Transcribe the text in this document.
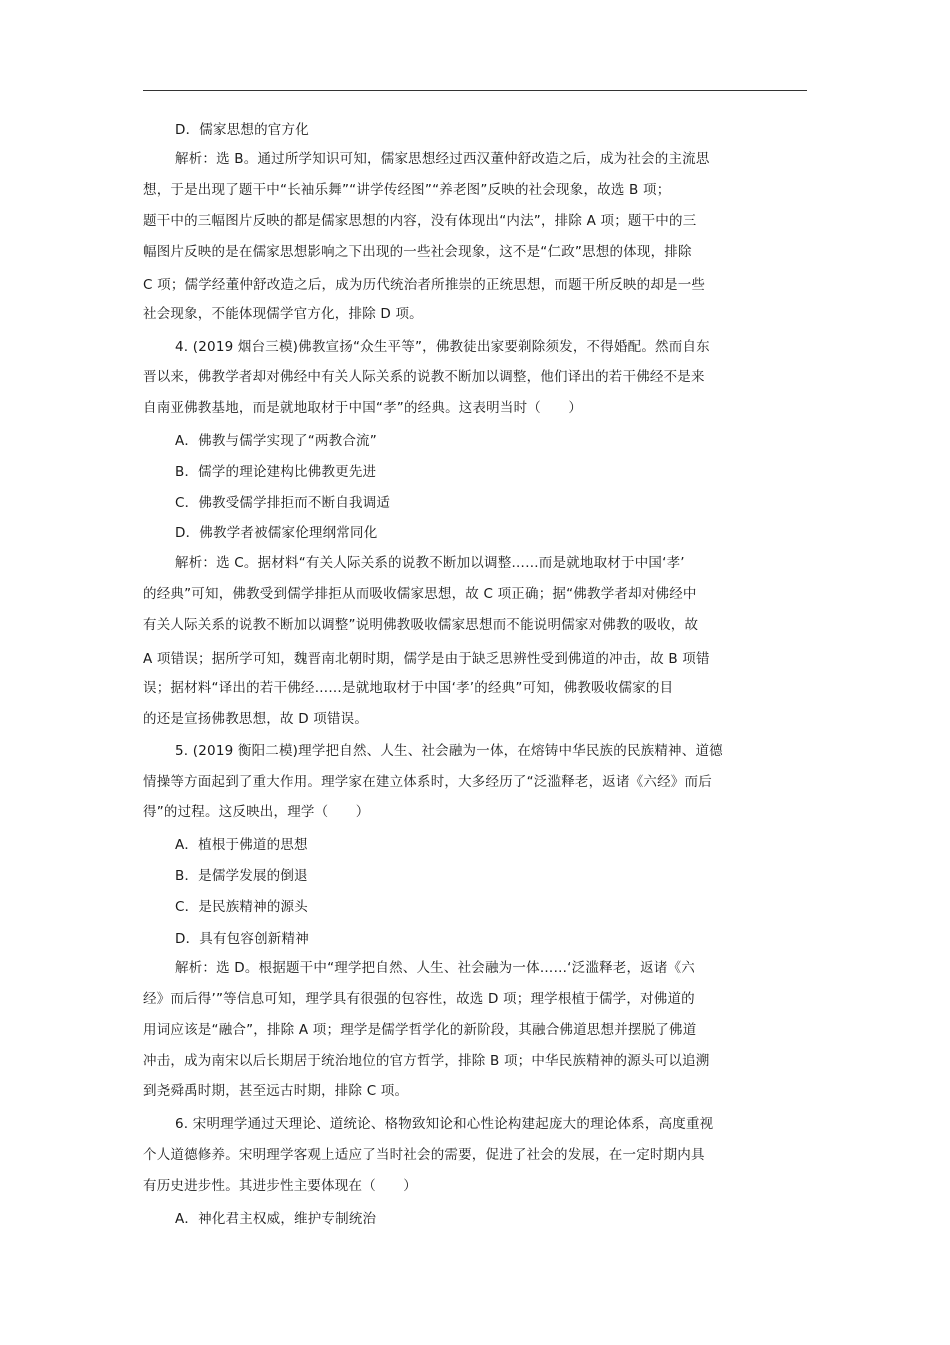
D．儒家思想的官方化
解析：选 B。通过所学知识可知，儒家思想经过西汉董仲舒改造之后，成为社会的主流思
想，于是出现了题干中“长袖乐舞”“讲学传经图”“养老图”反映的社会现象，故选 B 项；
题干中的三幅图片反映的都是儒家思想的内容，没有体现出“内法”，排除 A 项；题干中的三
幅图片反映的是在儒家思想影响之下出现的一些社会现象，这不是“仁政”思想的体现，排除
C 项；儒学经董仲舒改造之后，成为历代统治者所推崇的正统思想，而题干所反映的却是一些
社会现象，不能体现儒学官方化，排除 D 项。
4. (2019 烟台三模)佛教宣扬“众生平等”，佛教徒出家要剃除须发，不得婚配。然而自东
晋以来，佛教学者却对佛经中有关人际关系的说教不断加以调整，他们译出的若干佛经不是来
自南亚佛教基地，而是就地取材于中国“孝”的经典。这表明当时（　　）
A．佛教与儒学实现了“两教合流”
B．儒学的理论建构比佛教更先进
C．佛教受儒学排拒而不断自我调适
D．佛教学者被儒家伦理纲常同化
解析：选 C。据材料“有关人际关系的说教不断加以调整……而是就地取材于中国‘孝’
的经典”可知，佛教受到儒学排拒从而吸收儒家思想，故 C 项正确；据“佛教学者却对佛经中
有关人际关系的说教不断加以调整”说明佛教吸收儒家思想而不能说明儒家对佛教的吸收，故
A 项错误；据所学可知，魏晋南北朝时期，儒学是由于缺乏思辨性受到佛道的冲击，故 B 项错
误；据材料“译出的若干佛经……是就地取材于中国‘孝’的经典”可知，佛教吸收儒家的目
的还是宣扬佛教思想，故 D 项错误。
5. (2019 衡阳二模)理学把自然、人生、社会融为一体，在熔铸中华民族的民族精神、道德
情操等方面起到了重大作用。理学家在建立体系时，大多经历了“泛滥释老，返诸《六经》而后
得”的过程。这反映出，理学（　　）
A．植根于佛道的思想
B．是儒学发展的倒退
C．是民族精神的源头
D．具有包容创新精神
解析：选 D。根据题干中“理学把自然、人生、社会融为一体……‘泛滥释老，返诸《六
经》而后得’”等信息可知，理学具有很强的包容性，故选 D 项；理学根植于儒学，对佛道的
用词应该是“融合”，排除 A 项；理学是儒学哲学化的新阶段，其融合佛道思想并摆脱了佛道
冲击，成为南宋以后长期居于统治地位的官方哲学，排除 B 项；中华民族精神的源头可以追溯
到尧舜禹时期，甚至远古时期，排除 C 项。
6. 宋明理学通过天理论、道统论、格物致知论和心性论构建起庞大的理论体系，高度重视
个人道德修养。宋明理学客观上适应了当时社会的需要，促进了社会的发展，在一定时期内具
有历史进步性。其进步性主要体现在（　　）
A．神化君主权威，维护专制统治
